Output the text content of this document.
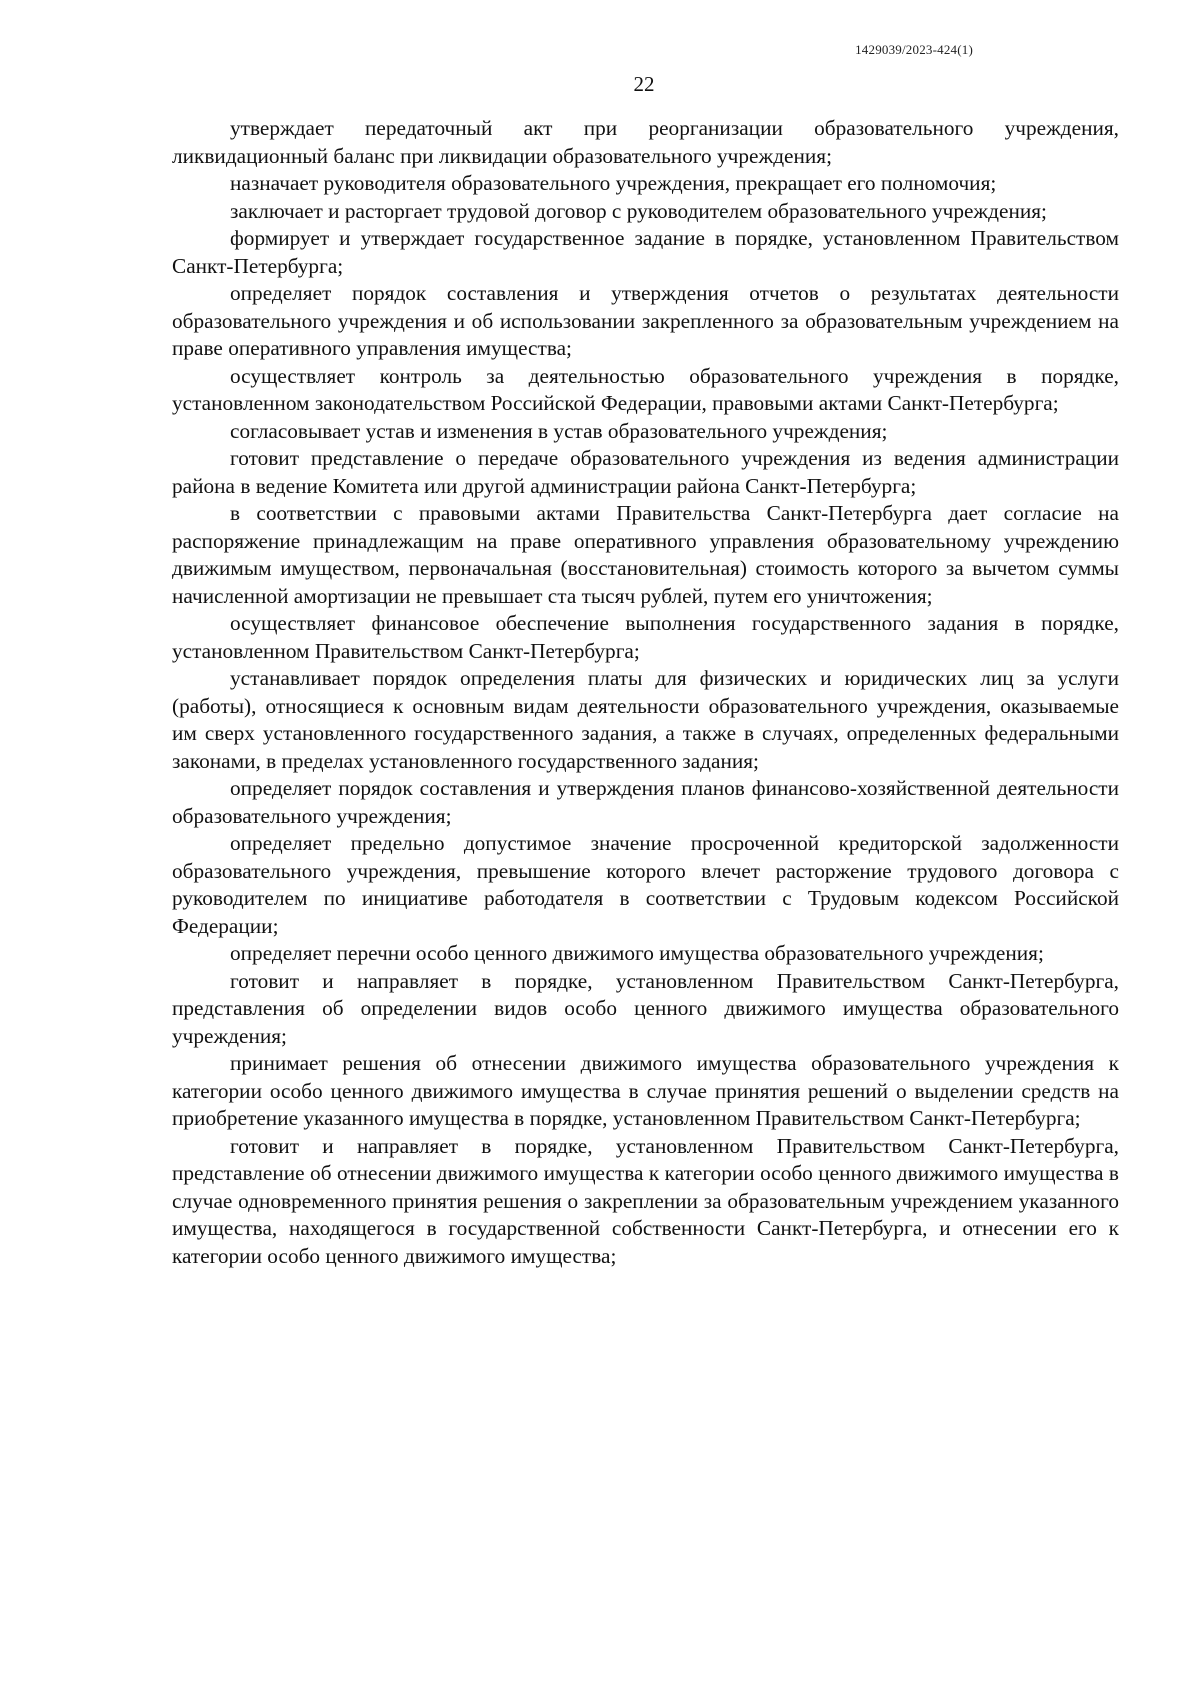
1429039/2023-424(1)
22

утверждает передаточный акт при реорганизации образовательного учреждения, ликвидационный баланс при ликвидации образовательного учреждения;

назначает руководителя образовательного учреждения, прекращает его полномочия;

заключает и расторгает трудовой договор с руководителем образовательного учреждения;

формирует и утверждает государственное задание в порядке, установленном Правительством Санкт-Петербурга;

определяет порядок составления и утверждения отчетов о результатах деятельности образовательного учреждения и об использовании закрепленного за образовательным учреждением на праве оперативного управления имущества;

осуществляет контроль за деятельностью образовательного учреждения в порядке, установленном законодательством Российской Федерации, правовыми актами Санкт-Петербурга;

согласовывает устав и изменения в устав образовательного учреждения;

готовит представление о передаче образовательного учреждения из ведения администрации района в ведение Комитета или другой администрации района Санкт-Петербурга;

в соответствии с правовыми актами Правительства Санкт-Петербурга дает согласие на распоряжение принадлежащим на праве оперативного управления образовательному учреждению движимым имуществом, первоначальная (восстановительная) стоимость которого за вычетом суммы начисленной амортизации не превышает ста тысяч рублей, путем его уничтожения;

осуществляет финансовое обеспечение выполнения государственного задания в порядке, установленном Правительством Санкт-Петербурга;

устанавливает порядок определения платы для физических и юридических лиц за услуги (работы), относящиеся к основным видам деятельности образовательного учреждения, оказываемые им сверх установленного государственного задания, а также в случаях, определенных федеральными законами, в пределах установленного государственного задания;

определяет порядок составления и утверждения планов финансово-хозяйственной деятельности образовательного учреждения;

определяет предельно допустимое значение просроченной кредиторской задолженности образовательного учреждения, превышение которого влечет расторжение трудового договора с руководителем по инициативе работодателя в соответствии с Трудовым кодексом Российской Федерации;

определяет перечни особо ценного движимого имущества образовательного учреждения;

готовит и направляет в порядке, установленном Правительством Санкт-Петербурга, представления об определении видов особо ценного движимого имущества образовательного учреждения;

принимает решения об отнесении движимого имущества образовательного учреждения к категории особо ценного движимого имущества в случае принятия решений о выделении средств на приобретение указанного имущества в порядке, установленном Правительством Санкт-Петербурга;

готовит и направляет в порядке, установленном Правительством Санкт-Петербурга, представление об отнесении движимого имущества к категории особо ценного движимого имущества в случае одновременного принятия решения о закреплении за образовательным учреждением указанного имущества, находящегося в государственной собственности Санкт-Петербурга, и отнесении его к категории особо ценного движимого имущества;
